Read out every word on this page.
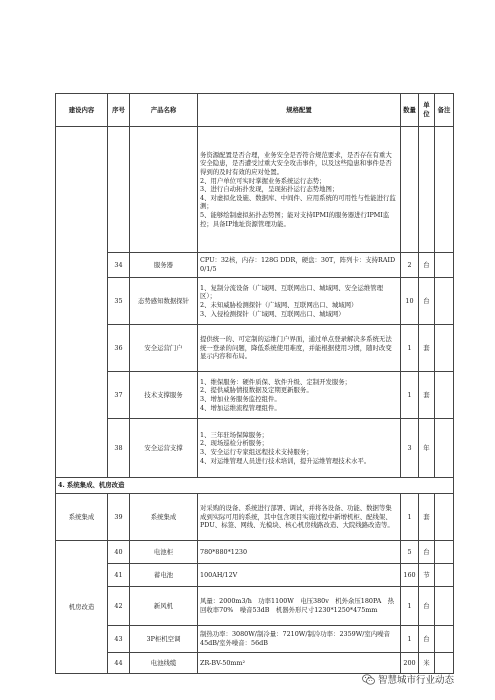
建设内容	序号	产品名称	规格配置	数量	单位	备注
			务资源配置是否合理，业务安全是否符合规范要求，是否存在有重大安全隐患，是否遭受过重大安全攻击事件，以及这些隐患和事件是否得到的及时有效的应对处置。
2、用户单位可实时掌握业务系统运行态势；
3、进行自动拓扑发现，呈现拓扑运行态势地图；
4、对虚拟化设施、数据库、中间件、应用系统的可用性与性能进行监测；
5、能够绘制虚拟拓扑态势图；能对支持IPMI的服务器进行IPMI监控；具备IP地址资源管理功能。			
	34	服务器	CPU：32核，内存：128G DDR，硬盘：30T，阵列卡：支持RAID 0/1/5	2	台	
	35	态势感知数据探针	1、复制分流设备（广域网、互联网出口、城域网、安全运维管理区）；
2、未知威胁检测探针（广域网、互联网出口、城域网）
3、入侵检测探针（广域网、互联网出口、城域网）	10	台	
	36	安全运营门户	提供统一的、可定制的运维门户界面，通过单点登录解决多系统无法统一登录的问题，降低系统使用难度，并能根据使用习惯，随时改变显示内容和布局。	1	套	
	37	技术支撑服务	1、维保服务：硬件质保、软件升级、定制开发服务；
2、提供威胁情报数据及定期更新服务。
3、增加业务服务监控组件。
4、增加运维流程管理组件。	1	套	
	38	安全运营支撑	1、三年驻场保障服务；
2、现场巡检分析服务；
3、安全运行专家组远程技术支持服务；
4、对运维管理人员进行技术培训，提升运维管理技术水平。	3	年	
4. 系统集成、机房改造						
系统集成	39	系统集成	对采购的设备、系统进行部署、调试，并将各设备、功能、数据等集成到实际可用的系统，其中包含项目实施过程中新增机柜、配线架、PDU、标签、网线、光模块、核心机房线路改造、大院线路改造等。	1	套	
机房改造	40	电池柜	780*880*1230	5	台	
	41	蓄电池	100AH/12V	160	节	
	42	新风机	风量：2000m3/h　功率1100W　电压380v　机外余压180PA　热回收率70%　噪音53dB　机器外形尺寸1230*1250*475mm	1	台	
	43	3P柜机空调	制热功率：3080W/制冷量：7210W/制冷功率：2359W/室内噪音45dB/室外噪音：56dB	1	台	
	44	电池线缆	ZR-BV-50mm²	200	米	
智慧城市行业动态
